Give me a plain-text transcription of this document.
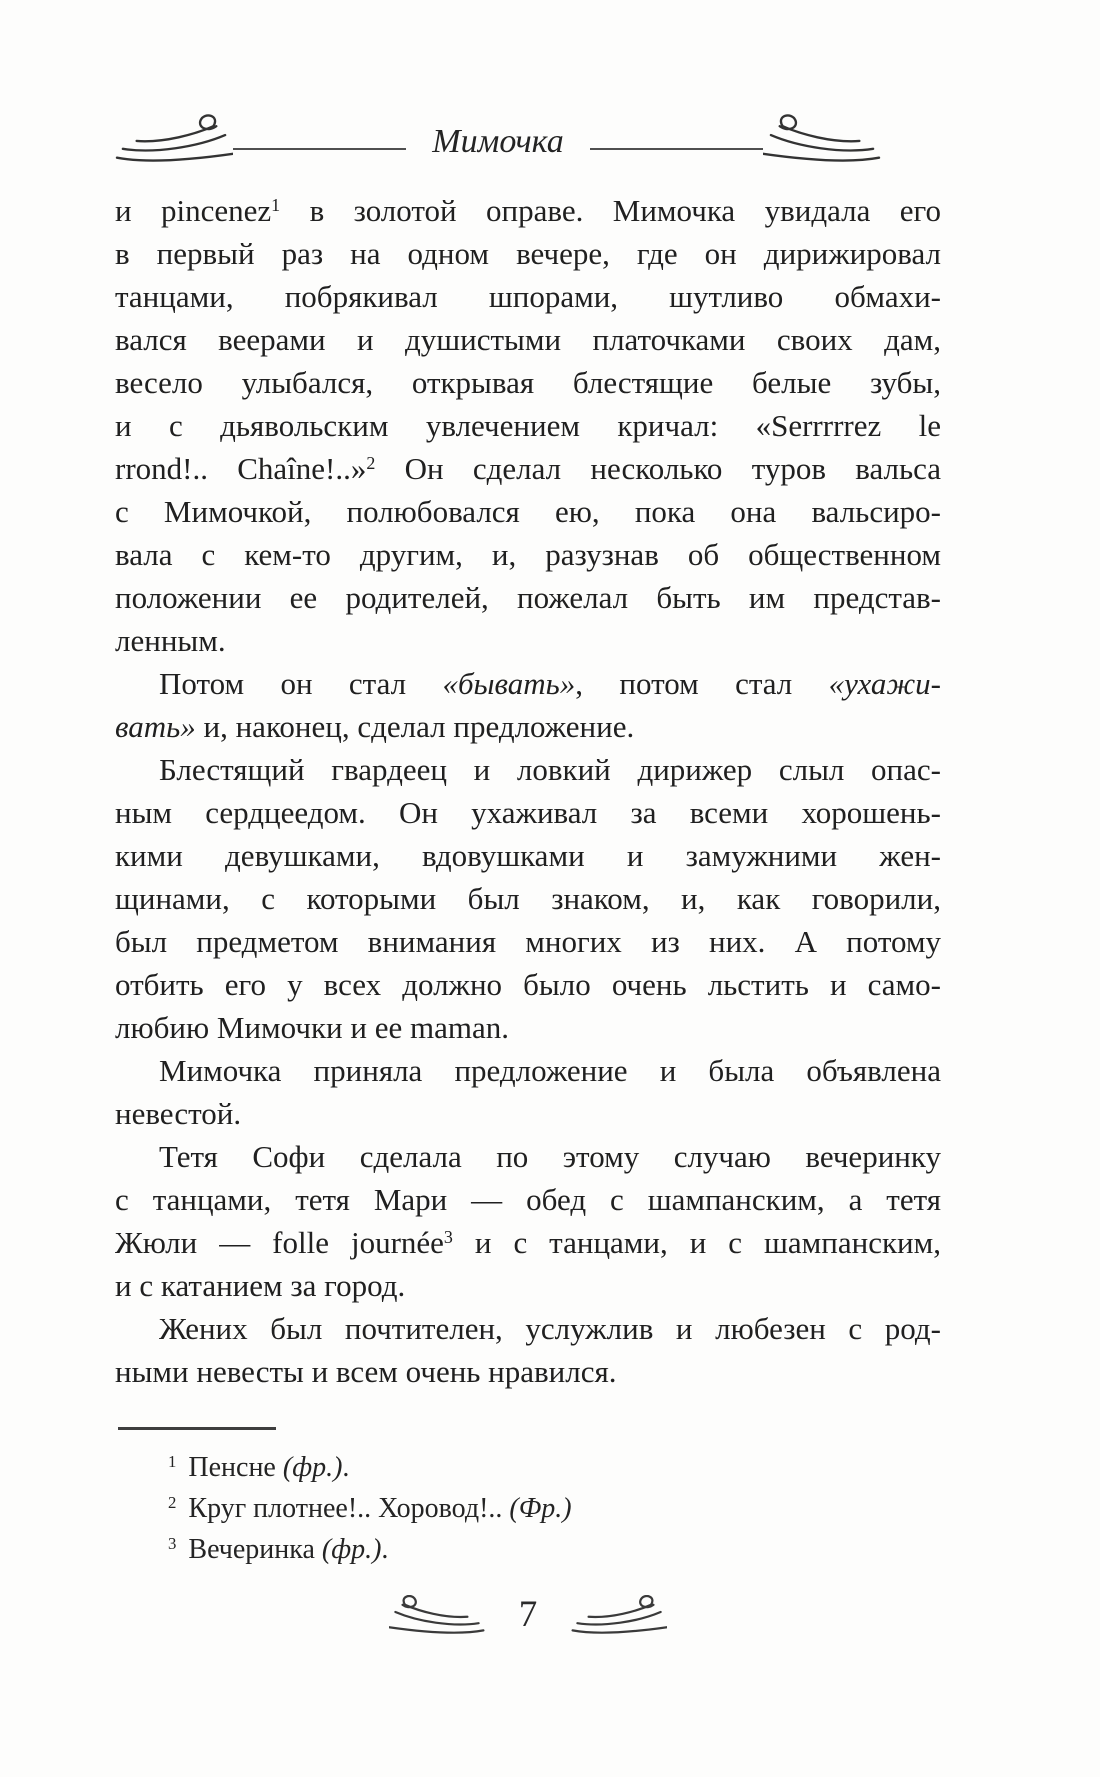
Мимочка
и pincenez$^1$ в золотой оправе. Мимочка увидала его
в первый раз на одном вечере, где он дирижировал
танцами, побрякивал шпорами, шутливо обмахи-
вался веерами и душистыми платочками своих дам,
весело улыбался, открывая блестящие белые зубы,
и с дьявольским увлечением кричал: «Serrrrrez le
rrond!.. Chaîne!..»$^2$ Он сделал несколько туров вальса
с Мимочкой, полюбовался ею, пока она вальсиро-
вала с кем-то другим, и, разузнав об общественном
положении ее родителей, пожелал быть им представ-
ленным.
Потом он стал «бывать», потом стал «ухажи-
вать» и, наконец, сделал предложение.
Блестящий гвардеец и ловкий дирижер слыл опас-
ным сердцеедом. Он ухаживал за всеми хорошень-
кими девушками, вдовушками и замужними жен-
щинами, с которыми был знаком, и, как говорили,
был предметом внимания многих из них. А потому
отбить его у всех должно было очень льстить и само-
любию Мимочки и ее maman.
Мимочка приняла предложение и была объявлена
невестой.
Тетя Софи сделала по этому случаю вечеринку
с танцами, тетя Мари — обед с шампанским, а тетя
Жюли — folle journée$^3$ и с танцами, и с шампанским,
и с катанием за город.
Жених был почтителен, услужлив и любезен с род-
ными невесты и всем очень нравился.
$^1$ Пенсне (фр.).
$^2$ Круг плотнее!.. Хоровод!.. (Фр.)
$^3$ Вечеринка (фр.).
7
